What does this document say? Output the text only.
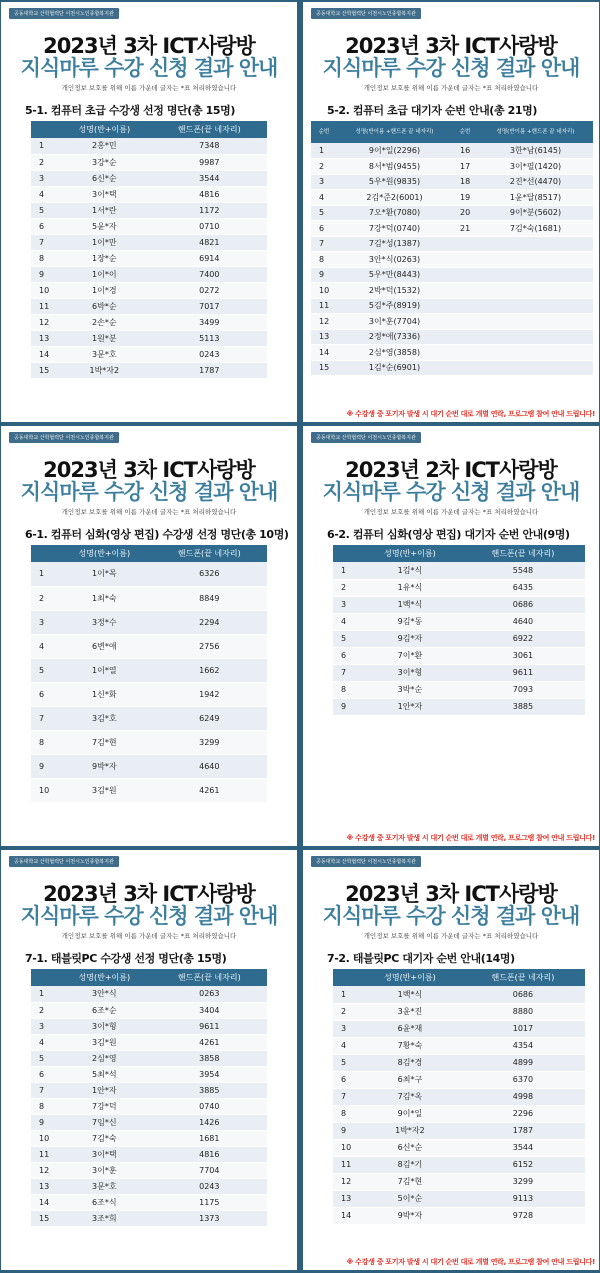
공동대학교 산학협력단 이천시노인종합복지관
2023년 3차 ICT사랑방
지식마루 수강 신청 결과 안내
개인정보 보호를 위해 이름 가운데 글자는 *표 처리하였습니다
5-1. 컴퓨터 초급 수강생 선정 명단(총 15명)
	성명(반+이름)	핸드폰(끝 네자리)
1	2홍*민	7348
2	3강*순	9987
3	6신*순	3544
4	3이*택	4816
5	1서*란	1172
6	5윤*자	0710
7	1이*만	4821
8	1장*순	6914
9	1이*이	7400
10	1이*경	0272
11	6박*순	7017
12	2손*순	3499
13	1원*분	5113
14	3문*호	0243
15	1박*자2	1787
공동대학교 산학협력단 이천시노인종합복지관
2023년 3차 ICT사랑방
지식마루 수강 신청 결과 안내
개인정보 보호를 위해 이름 가운데 글자는 *표 처리하였습니다
5-2. 컴퓨터 초급 대기자 순번 안내(총 21명)
순번	성명(반이름 +핸드폰 끝 네자리)	순번	성명(반이름 +핸드폰 끝 네자리)
1	9이*일(2296)	16	3한*남(6145)
2	8서*범(9455)	17	3이*필(1420)
3	5우*원(9835)	18	2진*선(4470)
4	2김*준2(6001)	19	1윤*달(8517)
5	7오*환(7080)	20	9이*분(5602)
6	7강*덕(0740)	21	7김*숙(1681)
7	7김*성(1387)		
8	3안*식(0263)		
9	5우*만(8443)		
10	2박*덕(1532)		
11	5김*주(8919)		
12	3이*훈(7704)		
13	2정*애(7336)		
14	2심*영(3858)		
15	1김*순(6901)		
※ 수강생 중 포기자 발생 시 대기 순번 대로 개별 연락, 프로그램 참여 안내 드립니다!
공동대학교 산학협력단 이천시노인종합복지관
2023년 3차 ICT사랑방
지식마루 수강 신청 결과 안내
개인정보 보호를 위해 이름 가운데 글자는 *표 처리하였습니다
6-1. 컴퓨터 심화(영상 편집) 수강생 선정 명단(총 10명)
	성명(반+이름)	핸드폰(끝 네자리)
1	1이*목	6326
2	1최*숙	8849
3	3정*수	2294
4	6변*애	2756
5	1이*열	1662
6	1신*화	1942
7	3김*호	6249
8	7김*현	3299
9	9박*자	4640
10	3김*원	4261
공동대학교 산학협력단 이천시노인종합복지관
2023년 2차 ICT사랑방
지식마루 수강 신청 결과 안내
개인정보 보호를 위해 이름 가운데 글자는 *표 처리하였습니다
6-2. 컴퓨터 심화(영상 편집) 대기자 순번 안내(9명)
	성명(반+이름)	핸드폰(끝 네자리)
1	1김*식	5548
2	1유*식	6435
3	1백*식	0686
4	9김*동	4640
5	9김*자	6922
6	7이*환	3061
7	3이*형	9611
8	3박*순	7093
9	1안*자	3885
※ 수강생 중 포기자 발생 시 대기 순번 대로 개별 연락, 프로그램 참여 안내 드립니다!
공동대학교 산학협력단 이천시노인종합복지관
2023년 3차 ICT사랑방
지식마루 수강 신청 결과 안내
개인정보 보호를 위해 이름 가운데 글자는 *표 처리하였습니다
7-1. 태블릿PC 수강생 선정 명단(총 15명)
	성명(반+이름)	핸드폰(끝 네자리)
1	3안*식	0263
2	6조*순	3404
3	3이*형	9611
4	3김*원	4261
5	2심*영	3858
6	5최*석	3954
7	1안*자	3885
8	7강*덕	0740
9	7임*신	1426
10	7김*숙	1681
11	3이*택	4816
12	3이*훈	7704
13	3문*호	0243
14	6조*식	1175
15	3조*희	1373
공동대학교 산학협력단 이천시노인종합복지관
2023년 3차 ICT사랑방
지식마루 수강 신청 결과 안내
개인정보 보호를 위해 이름 가운데 글자는 *표 처리하였습니다
7-2. 태블릿PC 대기자 순번 안내(14명)
	성명(반+이름)	핸드폰(끝 네자리)
1	1백*식	0686
2	3윤*진	8880
3	6윤*재	1017
4	7황*숙	4354
5	8김*경	4899
6	6최*구	6370
7	7김*옥	4998
8	9이*일	2296
9	1박*자2	1787
10	6신*순	3544
11	8김*기	6152
12	7김*현	3299
13	5이*순	9113
14	9박*자	9728
※ 수강생 중 포기자 발생 시 대기 순번 대로 개별 연락, 프로그램 참여 안내 드립니다!
